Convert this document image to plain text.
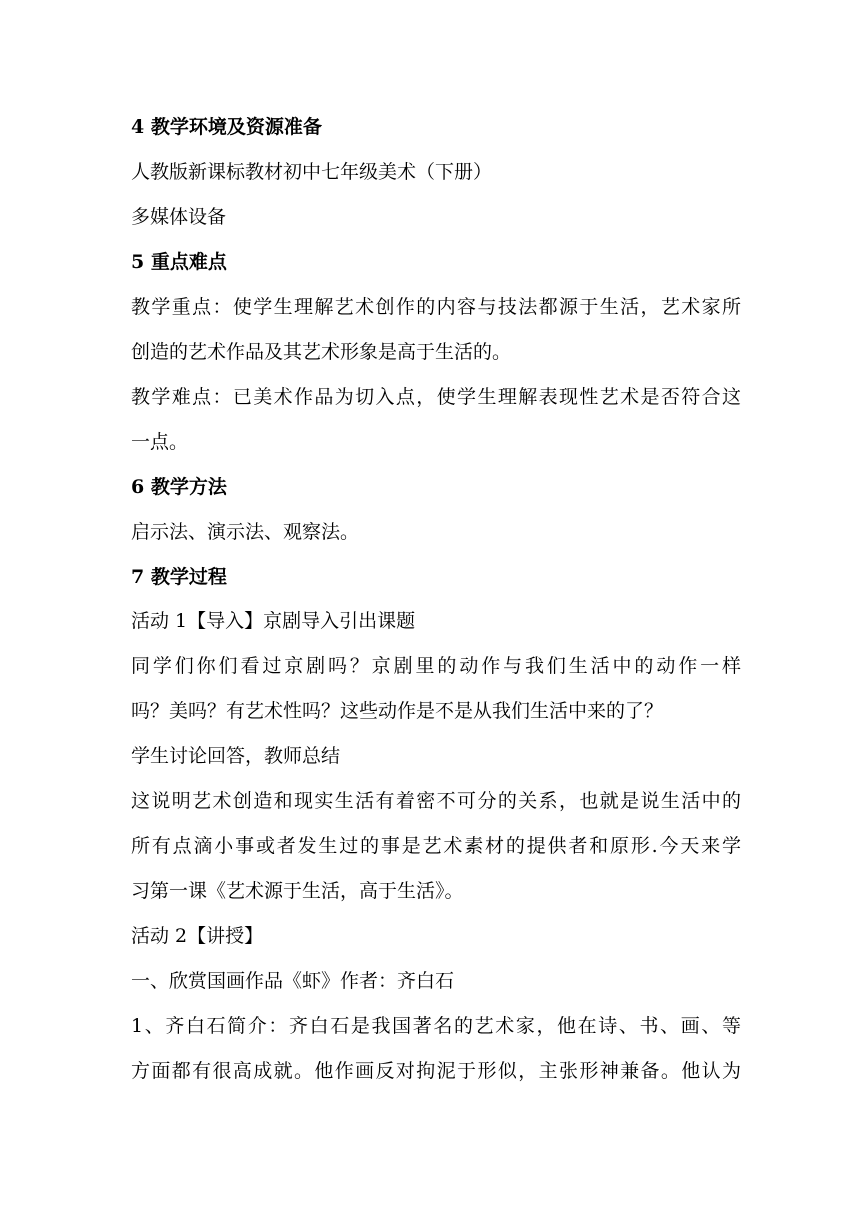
4 教学环境及资源准备
人教版新课标教材初中七年级美术（下册）
多媒体设备
5 重点难点
教学重点：使学生理解艺术创作的内容与技法都源于生活，艺术家所
创造的艺术作品及其艺术形象是高于生活的。
教学难点：已美术作品为切入点，使学生理解表现性艺术是否符合这
一点。
6 教学方法
启示法、演示法、观察法。
7 教学过程
活动 1【导入】京剧导入引出课题
同学们你们看过京剧吗？京剧里的动作与我们生活中的动作一样
吗？美吗？有艺术性吗？这些动作是不是从我们生活中来的了？
学生讨论回答，教师总结
这说明艺术创造和现实生活有着密不可分的关系，也就是说生活中的
所有点滴小事或者发生过的事是艺术素材的提供者和原形.今天来学
习第一课《艺术源于生活，高于生活》。
活动 2【讲授】
一、欣赏国画作品《虾》作者：齐白石
1、齐白石简介：齐白石是我国著名的艺术家，他在诗、书、画、等
方面都有很高成就。他作画反对拘泥于形似，主张形神兼备。他认为
